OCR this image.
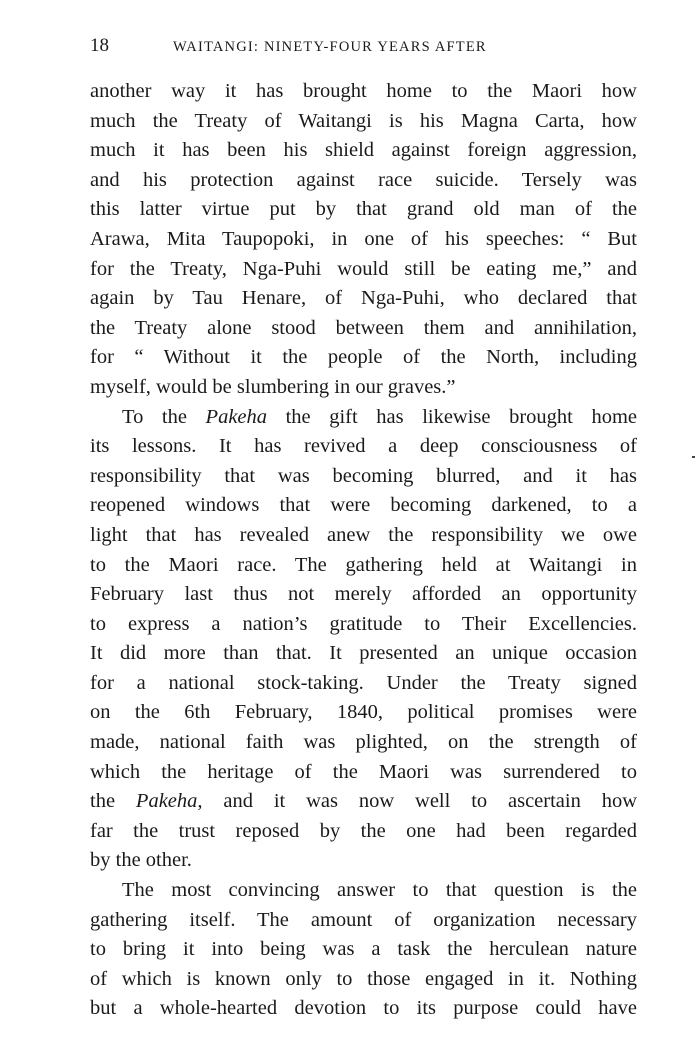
18	WAITANGI: NINETY-FOUR YEARS AFTER
another way it has brought home to the Maori how
much the Treaty of Waitangi is his Magna Carta, how
much it has been his shield against foreign aggression,
and his protection against race suicide. Tersely was
this latter virtue put by that grand old man of the
Arawa, Mita Taupopoki, in one of his speeches: “ But
for the Treaty, Nga-Puhi would still be eating me,” and
again by Tau Henare, of Nga-Puhi, who declared that
the Treaty alone stood between them and annihilation,
for “ Without it the people of the North, including
myself, would be slumbering in our graves.”
To the Pakeha the gift has likewise brought home
its lessons. It has revived a deep consciousness of
responsibility that was becoming blurred, and it has
reopened windows that were becoming darkened, to a
light that has revealed anew the responsibility we owe
to the Maori race. The gathering held at Waitangi in
February last thus not merely afforded an opportunity
to express a nation’s gratitude to Their Excellencies.
It did more than that. It presented an unique occasion
for a national stock-taking. Under the Treaty signed
on the 6th February, 1840, political promises were
made, national faith was plighted, on the strength of
which the heritage of the Maori was surrendered to
the Pakeha, and it was now well to ascertain how
far the trust reposed by the one had been regarded
by the other.
The most convincing answer to that question is the
gathering itself. The amount of organization necessary
to bring it into being was a task the herculean nature
of which is known only to those engaged in it. Nothing
but a whole-hearted devotion to its purpose could have
